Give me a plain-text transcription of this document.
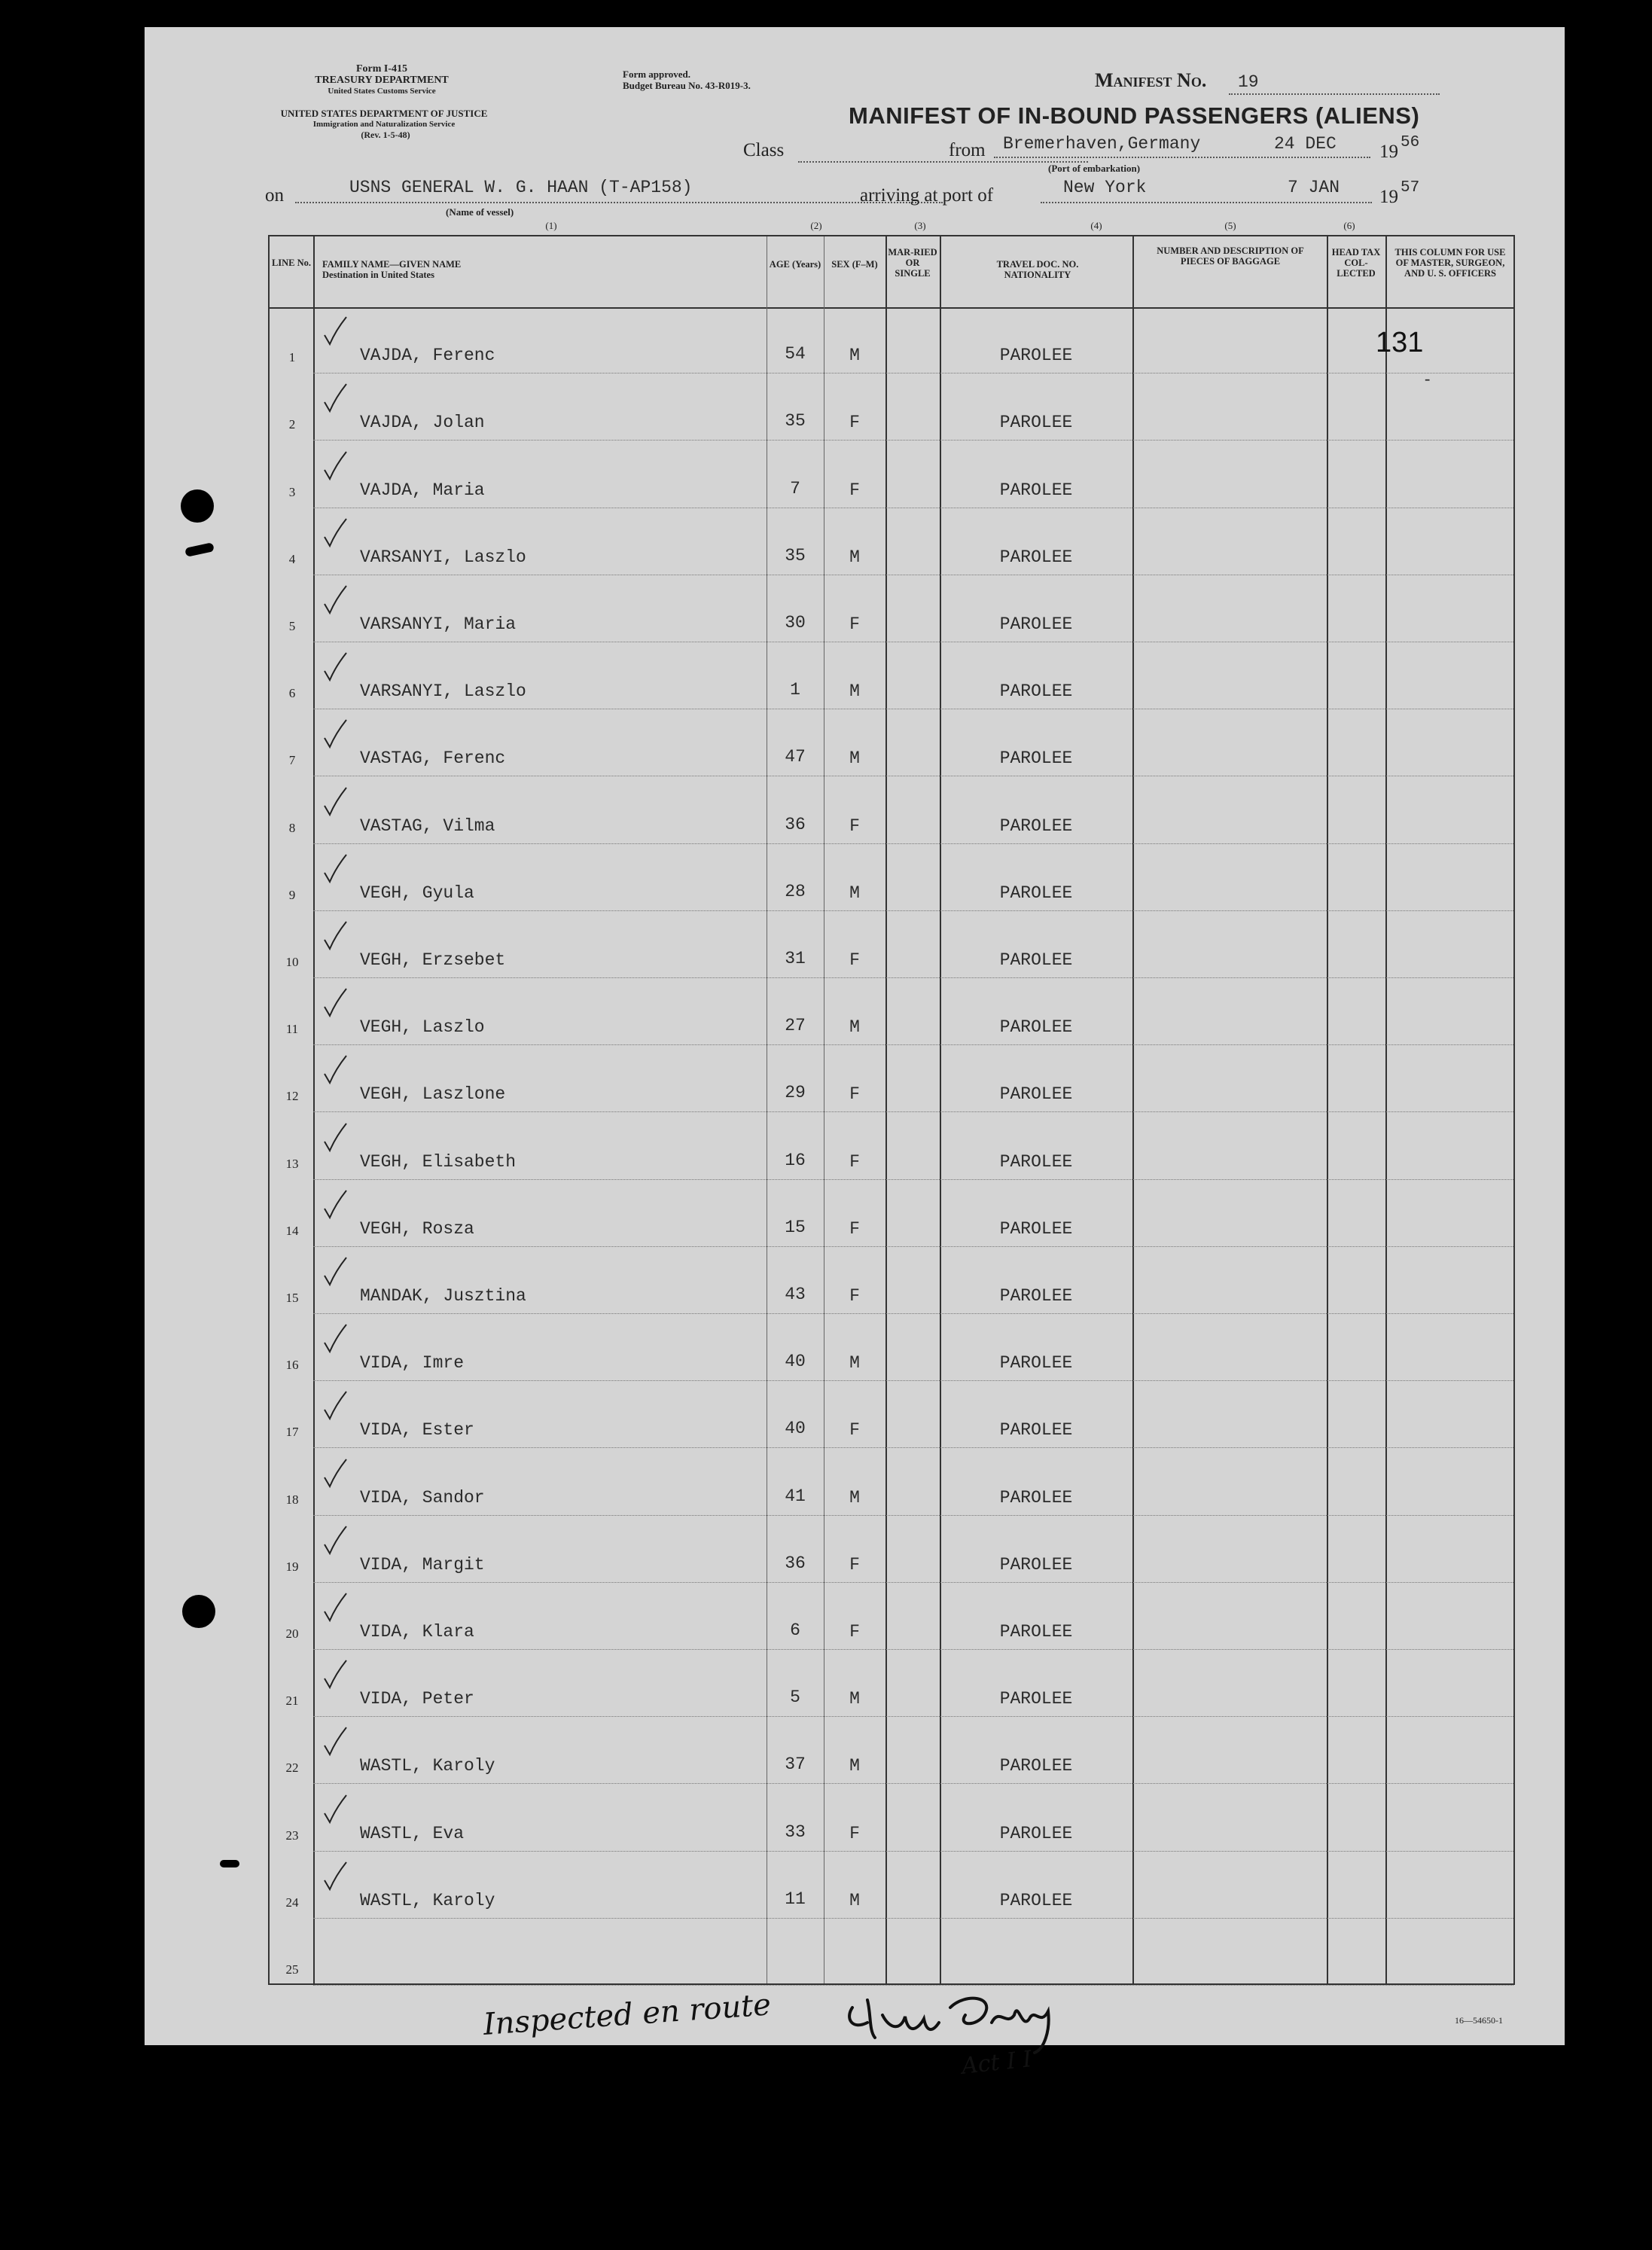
Form I-415
TREASURY DEPARTMENT
United States Customs Service
UNITED STATES DEPARTMENT OF JUSTICE
Immigration and Naturalization Service
(Rev. 1-5-48)
Form approved.
Budget Bureau No. 43-R019-3.	Manifest No. 19
MANIFEST OF IN-BOUND PASSENGERS (ALIENS)
Class	from Bremerhaven,Germany	24 DEC 19 56
(Port of embarkation)
on	USNS GENERAL W. G. HAAN (T-AP158)
(Name of vessel)
arriving at port of	New York	7 JAN 19 57
(1)	(2)	(3)	(4)	(5)	(6)
LINE No. FAMILY NAME—GIVEN NAME Destination in United States
AGE (Years)	SEX (F–M)
MAR-RIED OR SINGLE
TRAVEL DOC. NO. NATIONALITY
NUMBER AND DESCRIPTION OF PIECES OF BAGGAGE
HEAD TAX COL-LECTED
THIS COLUMN FOR USE OF MASTER, SURGEON, AND U. S. OFFICERS
1	VAJDA, Ferenc	54	M	PAROLEE
2	VAJDA, Jolan	35	F	PAROLEE
3	VAJDA, Maria	7	F	PAROLEE
4	VARSANYI, Laszlo	35	M	PAROLEE
5	VARSANYI, Maria	30	F	PAROLEE
6	VARSANYI, Laszlo	1	M	PAROLEE
7	VASTAG, Ferenc	47	M	PAROLEE
8	VASTAG, Vilma	36	F	PAROLEE
9	VEGH, Gyula	28	M	PAROLEE
10	VEGH, Erzsebet	31	F	PAROLEE
11	VEGH, Laszlo	27	M	PAROLEE
12	VEGH, Laszlone	29	F	PAROLEE
13	VEGH, Elisabeth	16	F	PAROLEE
14	VEGH, Rosza	15	F	PAROLEE
15	MANDAK, Jusztina	43	F	PAROLEE
16	VIDA, Imre	40	M	PAROLEE
17	VIDA, Ester	40	F	PAROLEE
18	VIDA, Sandor	41	M	PAROLEE
19	VIDA, Margit	36	F	PAROLEE
20	VIDA, Klara	6	F	PAROLEE
21	VIDA, Peter	5	M	PAROLEE
22	WASTL, Karoly	37	M	PAROLEE
23	WASTL, Eva	33	F	PAROLEE
24	WASTL, Karoly	11	M	PAROLEE
25
-
131
Inspected en route
Act I I
16—54650-1
